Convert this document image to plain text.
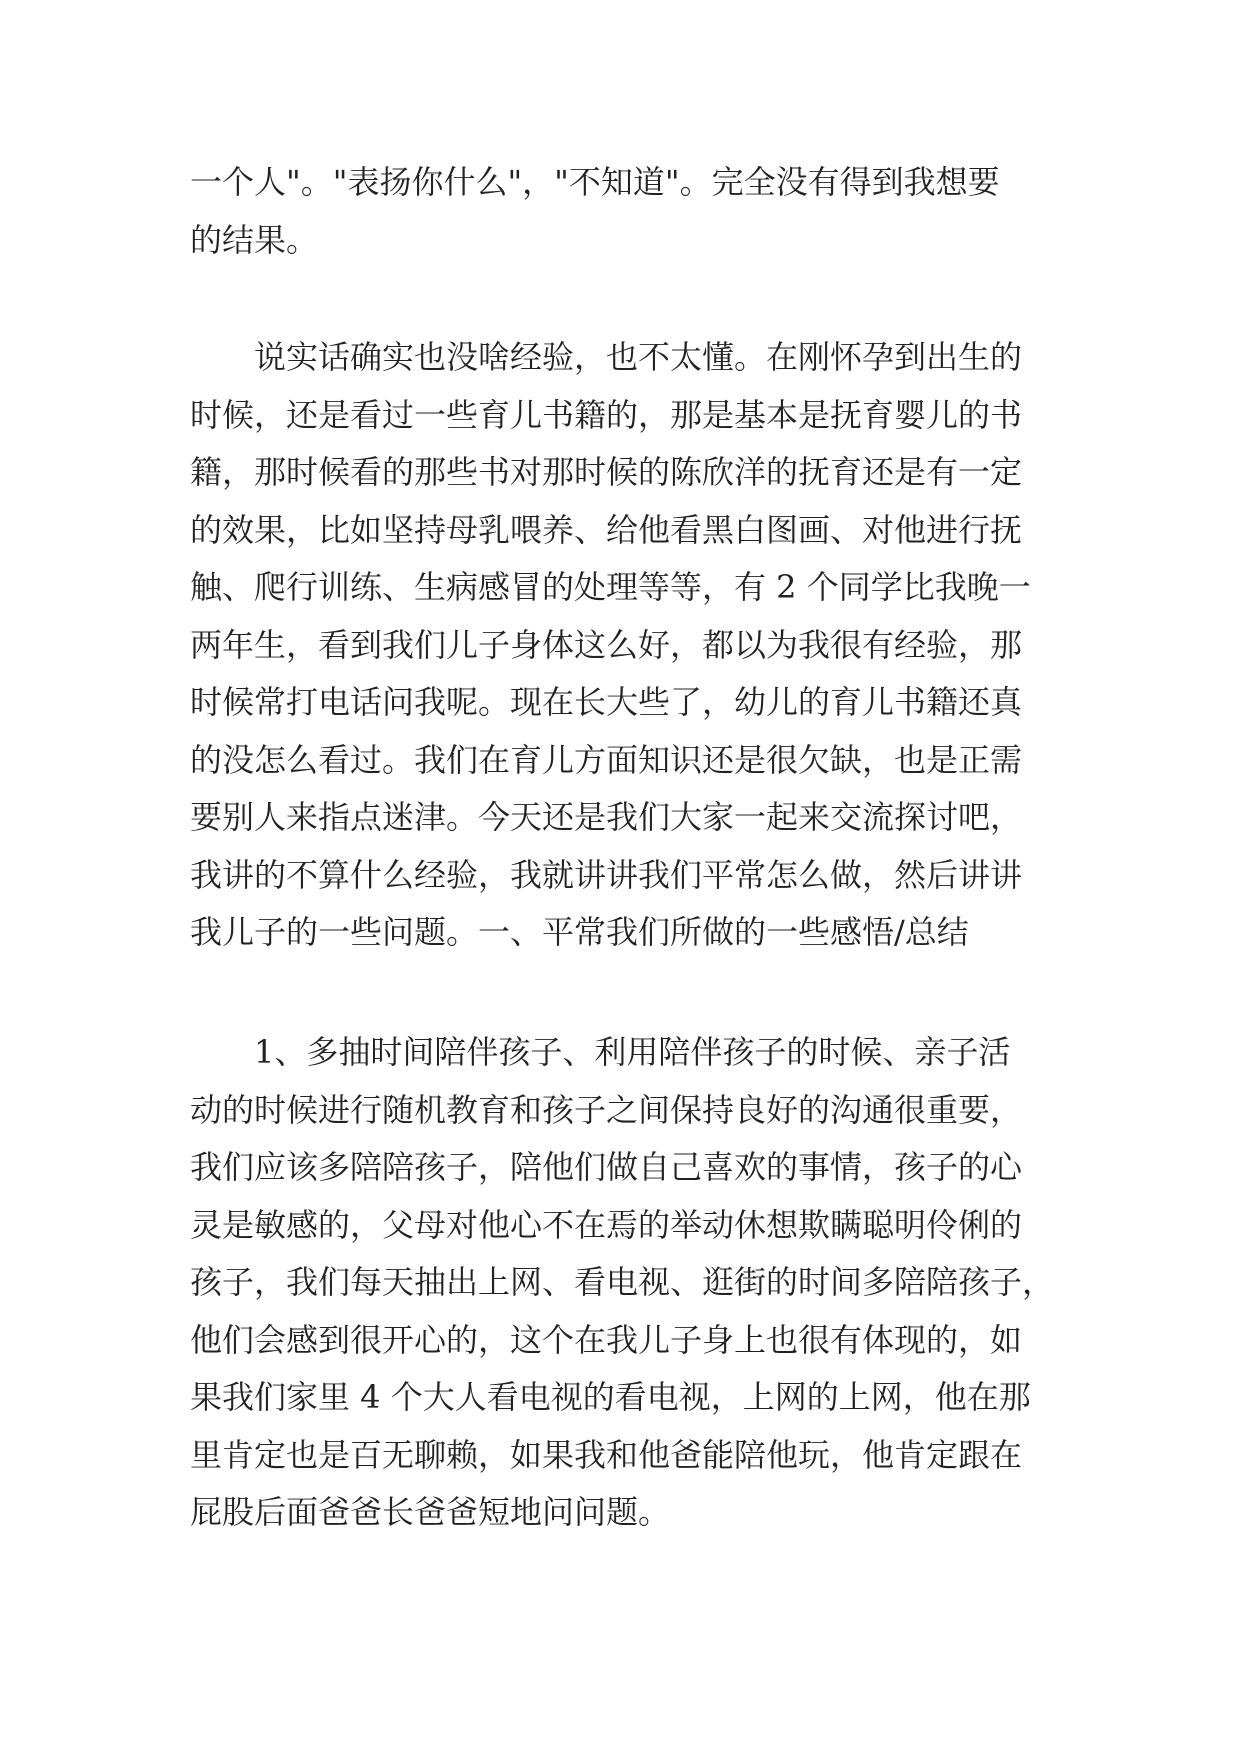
一个人"。"表扬你什么"，"不知道"。完全没有得到我想要
的结果。
　　说实话确实也没啥经验，也不太懂。在刚怀孕到出生的
时候，还是看过一些育儿书籍的，那是基本是抚育婴儿的书
籍，那时候看的那些书对那时候的陈欣洋的抚育还是有一定
的效果，比如坚持母乳喂养、给他看黑白图画、对他进行抚
触、爬行训练、生病感冒的处理等等，有 2 个同学比我晚一
两年生，看到我们儿子身体这么好，都以为我很有经验，那
时候常打电话问我呢。现在长大些了，幼儿的育儿书籍还真
的没怎么看过。我们在育儿方面知识还是很欠缺，也是正需
要别人来指点迷津。今天还是我们大家一起来交流探讨吧，
我讲的不算什么经验，我就讲讲我们平常怎么做，然后讲讲
我儿子的一些问题。一、平常我们所做的一些感悟/总结
　　1、多抽时间陪伴孩子、利用陪伴孩子的时候、亲子活
动的时候进行随机教育和孩子之间保持良好的沟通很重要，
我们应该多陪陪孩子，陪他们做自己喜欢的事情，孩子的心
灵是敏感的，父母对他心不在焉的举动休想欺瞒聪明伶俐的
孩子，我们每天抽出上网、看电视、逛街的时间多陪陪孩子，
他们会感到很开心的，这个在我儿子身上也很有体现的，如
果我们家里 4 个大人看电视的看电视，上网的上网，他在那
里肯定也是百无聊赖，如果我和他爸能陪他玩，他肯定跟在
屁股后面爸爸长爸爸短地问问题。
